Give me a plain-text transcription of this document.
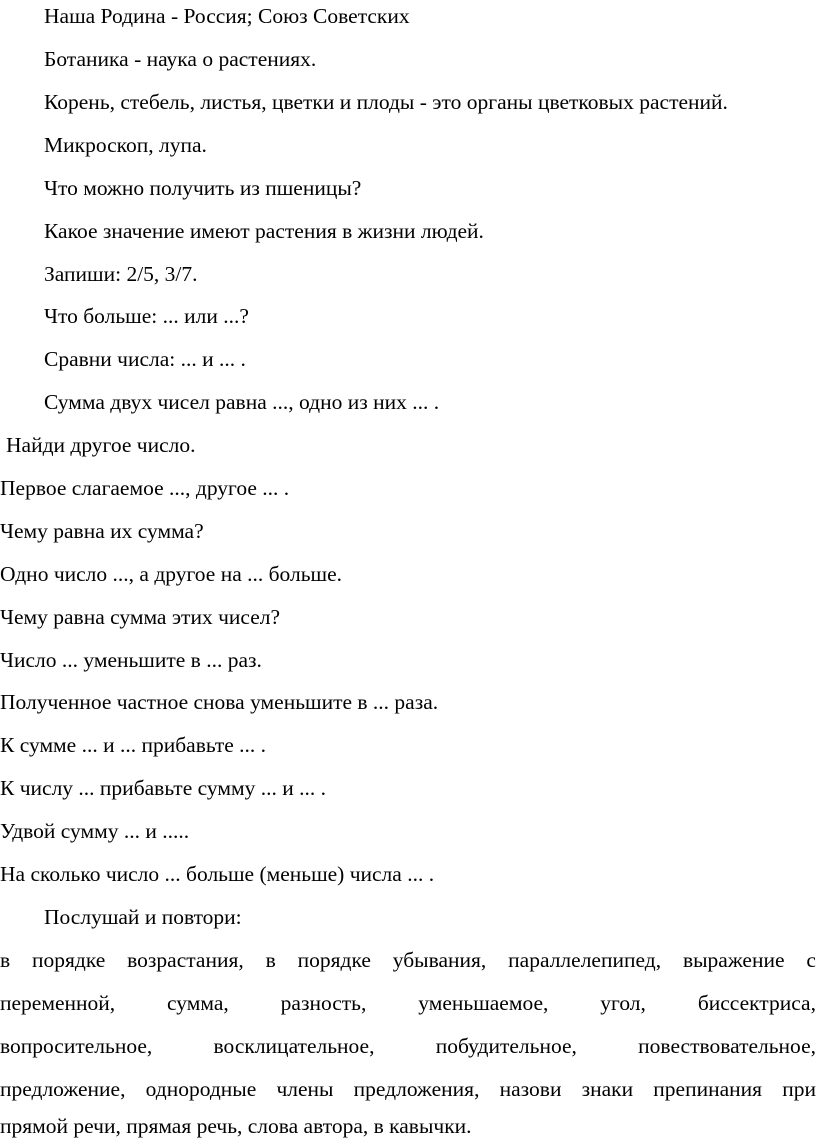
Наша Родина - Россия; Союз Советских
Ботаника - наука о растениях.
Корень, стебель, листья, цветки и плоды - это органы цветковых растений.
Микроскоп, лупа.
Что можно получить из пшеницы?
Какое значение имеют растения в жизни людей.
Запиши: 2/5, 3/7.
Что больше: ... или ...?
Сравни числа: ... и ... .
Сумма двух чисел равна ..., одно из них ... .
Найди другое число.
Первое слагаемое ..., другое ... .
Чему равна их сумма?
Одно число ..., а другое на ... больше.
Чему равна сумма этих чисел?
Число ... уменьшите в ... раз.
Полученное частное снова уменьшите в ... раза.
К сумме ... и ... прибавьте ... .
К числу ... прибавьте сумму ... и ... .
Удвой сумму ... и .....
На сколько число ... больше (меньше) числа ... .
Послушай и повтори:
в порядке возрастания, в порядке убывания, параллелепипед, выражение с
переменной, сумма, разность, уменьшаемое, угол, биссектриса,
вопросительное,	восклицательное,	побудительное,	повествовательное,
предложение, однородные члены предложения, назови знаки препинания при
прямой речи, прямая речь, слова автора, в кавычки.
